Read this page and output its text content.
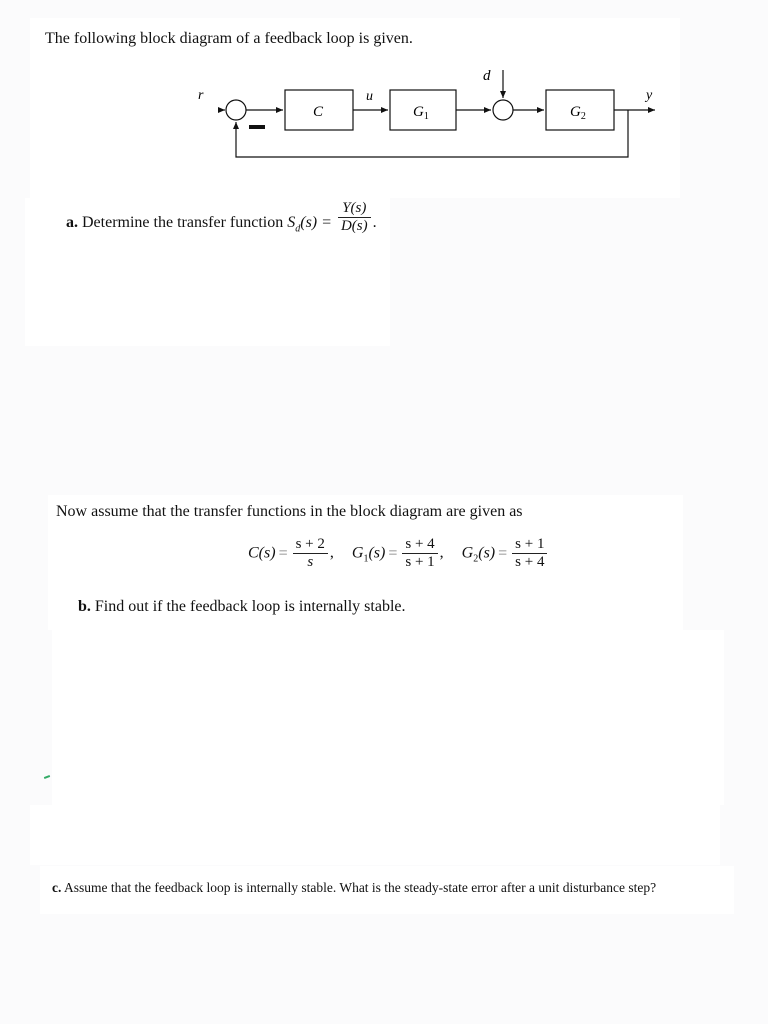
The following block diagram of a feedback loop is given.
r	u
d
y
C	$G_1$	$G_2$
a. Determine the transfer function $S_d(s) = \frac{Y(s)}{D(s)}$ .
Now assume that the transfer functions in the block diagram are given as
$C(s) = \frac{s + 2}{s}$ , $G_1(s) = \frac{s + 4}{s + 1}$ , $G_2(s) = \frac{s + 1}{s + 4}$
b. Find out if the feedback loop is internally stable.
c. Assume that the feedback loop is internally stable. What is the steady-state error after a unit disturbance step?
